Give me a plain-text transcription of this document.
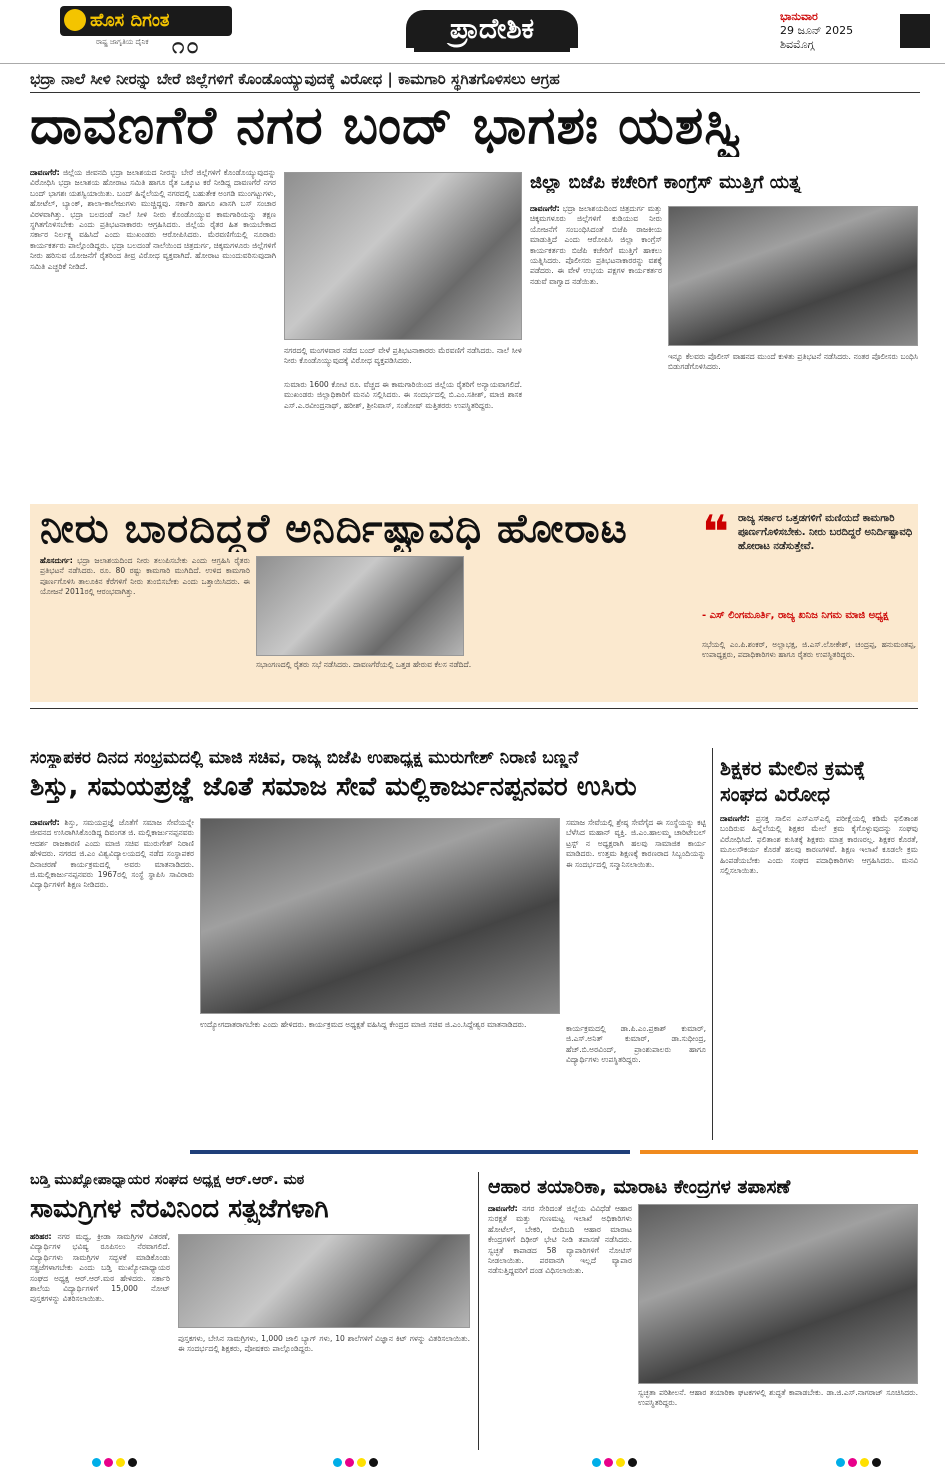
ಹೊಸ ದಿಗಂತ
ರಾಷ್ಟ್ರ ಜಾಗೃತಿಯ ದೈನಿಕ ೧೦
ಪ್ರಾದೇಶಿಕ	ಭಾನುವಾರ
29 ಜೂನ್ 2025
ಶಿವಮೊಗ್ಗ
ಭದ್ರಾ ನಾಲೆ ಸೀಳಿ ನೀರನ್ನು ಬೇರೆ ಜಿಲ್ಲೆಗಳಿಗೆ ಕೊಂಡೊಯ್ಯುವುದಕ್ಕೆ ವಿರೋಧ | ಕಾಮಗಾರಿ ಸ್ಥಗಿತಗೊಳಿಸಲು ಆಗ್ರಹ
ದಾವಣಗೆರೆ ನಗರ ಬಂದ್ ಭಾಗಶಃ ಯಶಸ್ವಿ
ದಾವಣಗೆರೆ: ಜಿಲ್ಲೆಯ ಜೀವನದಿ ಭದ್ರಾ ಜಲಾಶಯದ ನೀರನ್ನು ಬೇರೆ ಜಿಲ್ಲೆಗಳಿಗೆ ಕೊಂಡೊಯ್ಯುವುದನ್ನು ವಿರೋಧಿಸಿ ಭದ್ರಾ ಜಲಾಶಯ ಹೋರಾಟ ಸಮಿತಿ ಹಾಗೂ ರೈತ ಒಕ್ಕೂಟ ಕರೆ ನೀಡಿದ್ದ ದಾವಣಗೆರೆ ನಗರ ಬಂದ್ ಭಾಗಶಃ ಯಶಸ್ವಿಯಾಯಿತು. ಬಂದ್ ಹಿನ್ನೆಲೆಯಲ್ಲಿ ನಗರದಲ್ಲಿ ಬಹುತೇಕ ಅಂಗಡಿ ಮುಂಗಟ್ಟುಗಳು, ಹೋಟೆಲ್, ಬ್ಯಾಂಕ್, ಶಾಲಾ-ಕಾಲೇಜುಗಳು ಮುಚ್ಚಿದ್ದವು. ಸರ್ಕಾರಿ ಹಾಗೂ ಖಾಸಗಿ ಬಸ್ ಸಂಚಾರ ವಿರಳವಾಗಿತ್ತು. ಭದ್ರಾ ಬಲದಂಡೆ ನಾಲೆ ಸೀಳಿ ನೀರು ಕೊಂಡೊಯ್ಯುವ ಕಾಮಗಾರಿಯನ್ನು ತಕ್ಷಣ ಸ್ಥಗಿತಗೊಳಿಸಬೇಕು ಎಂದು ಪ್ರತಿಭಟನಾಕಾರರು ಆಗ್ರಹಿಸಿದರು. ಜಿಲ್ಲೆಯ ರೈತರ ಹಿತ ಕಾಯಬೇಕಾದ ಸರ್ಕಾರ ನಿರ್ಲಕ್ಷ್ಯ ವಹಿಸಿದೆ ಎಂದು ಮುಖಂಡರು ಆರೋಪಿಸಿದರು. ಮೆರವಣಿಗೆಯಲ್ಲಿ ನೂರಾರು ಕಾರ್ಯಕರ್ತರು ಪಾಲ್ಗೊಂಡಿದ್ದರು. ಭದ್ರಾ ಬಲದಂಡೆ ನಾಲೆಯಿಂದ ಚಿತ್ರದುರ್ಗ, ಚಿಕ್ಕಮಗಳೂರು ಜಿಲ್ಲೆಗಳಿಗೆ ನೀರು ಹರಿಸುವ ಯೋಜನೆಗೆ ರೈತರಿಂದ ತೀವ್ರ ವಿರೋಧ ವ್ಯಕ್ತವಾಗಿದೆ. ಹೋರಾಟ ಮುಂದುವರಿಸುವುದಾಗಿ ಸಮಿತಿ ಎಚ್ಚರಿಕೆ ನೀಡಿದೆ.
ನಗರದಲ್ಲಿ ಮಂಗಳವಾರ ನಡೆದ ಬಂದ್ ವೇಳೆ ಪ್ರತಿಭಟನಾಕಾರರು ಮೆರವಣಿಗೆ ನಡೆಸಿದರು. ನಾಲೆ ಸೀಳಿ ನೀರು ಕೊಂಡೊಯ್ಯುವುದಕ್ಕೆ ವಿರೋಧ ವ್ಯಕ್ತಪಡಿಸಿದರು.
ಸುಮಾರು 1600 ಕೋಟಿ ರೂ. ವೆಚ್ಚದ ಈ ಕಾಮಗಾರಿಯಿಂದ ಜಿಲ್ಲೆಯ ರೈತರಿಗೆ ಅನ್ಯಾಯವಾಗಲಿದೆ. ಮುಖಂಡರು ಜಿಲ್ಲಾಧಿಕಾರಿಗೆ ಮನವಿ ಸಲ್ಲಿಸಿದರು. ಈ ಸಂದರ್ಭದಲ್ಲಿ ಬಿ.ಎಂ.ಸತೀಶ್, ಮಾಜಿ ಶಾಸಕ ಎಸ್.ಎ.ರವೀಂದ್ರನಾಥ್, ಹರೀಶ್, ಶ್ರೀನಿವಾಸ್, ಸಂತೋಷ್ ಮತ್ತಿತರರು ಉಪಸ್ಥಿತರಿದ್ದರು.
ಜಿಲ್ಲಾ ಬಿಜೆಪಿ ಕಚೇರಿಗೆ ಕಾಂಗ್ರೆಸ್ ಮುತ್ತಿಗೆ ಯತ್ನ
ದಾವಣಗೆರೆ: ಭದ್ರಾ ಜಲಾಶಯದಿಂದ ಚಿತ್ರದುರ್ಗ ಮತ್ತು ಚಿಕ್ಕಮಗಳೂರು ಜಿಲ್ಲೆಗಳಿಗೆ ಕುಡಿಯುವ ನೀರು ಯೋಜನೆಗೆ ಸಂಬಂಧಿಸಿದಂತೆ ಬಿಜೆಪಿ ರಾಜಕೀಯ ಮಾಡುತ್ತಿದೆ ಎಂದು ಆರೋಪಿಸಿ ಜಿಲ್ಲಾ ಕಾಂಗ್ರೆಸ್ ಕಾರ್ಯಕರ್ತರು ಬಿಜೆಪಿ ಕಚೇರಿಗೆ ಮುತ್ತಿಗೆ ಹಾಕಲು ಯತ್ನಿಸಿದರು. ಪೊಲೀಸರು ಪ್ರತಿಭಟನಾಕಾರರನ್ನು ವಶಕ್ಕೆ ಪಡೆದರು. ಈ ವೇಳೆ ಉಭಯ ಪಕ್ಷಗಳ ಕಾರ್ಯಕರ್ತರ ನಡುವೆ ವಾಗ್ವಾದ ನಡೆಯಿತು.
ಇನ್ನೂ ಕೆಲವರು ಪೊಲೀಸ್ ವಾಹನದ ಮುಂದೆ ಕುಳಿತು ಪ್ರತಿಭಟನೆ ನಡೆಸಿದರು. ನಂತರ ಪೊಲೀಸರು ಬಂಧಿಸಿ ಬಿಡುಗಡೆಗೊಳಿಸಿದರು.
ನೀರು ಬಾರದಿದ್ದರೆ ಅನಿರ್ದಿಷ್ಟಾವಧಿ ಹೋರಾಟ
ಹೊಸದುರ್ಗ: ಭದ್ರಾ ಜಲಾಶಯದಿಂದ ನೀರು ತಲುಪಿಸಬೇಕು ಎಂದು ಆಗ್ರಹಿಸಿ ರೈತರು ಪ್ರತಿಭಟನೆ ನಡೆಸಿದರು. ರೂ. 80 ರಷ್ಟು ಕಾಮಗಾರಿ ಮುಗಿದಿದೆ. ಉಳಿದ ಕಾಮಗಾರಿ ಪೂರ್ಣಗೊಳಿಸಿ ತಾಲೂಕಿನ ಕೆರೆಗಳಿಗೆ ನೀರು ತುಂಬಿಸಬೇಕು ಎಂದು ಒತ್ತಾಯಿಸಿದರು. ಈ ಯೋಜನೆ 2011ರಲ್ಲಿ ಆರಂಭವಾಗಿತ್ತು.
ಸಭಾಂಗಣದಲ್ಲಿ ರೈತರು ಸಭೆ ನಡೆಸಿದರು. ದಾವಣಗೆರೆಯಲ್ಲಿ ಒತ್ತಡ ಹೇರುವ ಕೆಲಸ ನಡೆದಿದೆ.
❝ ರಾಜ್ಯ ಸರ್ಕಾರ ಒತ್ತಡಗಳಿಗೆ ಮಣಿಯದೆ ಕಾಮಗಾರಿ ಪೂರ್ಣಗೊಳಿಸಬೇಕು. ನೀರು ಬರದಿದ್ದರೆ ಅನಿರ್ದಿಷ್ಟಾವಧಿ ಹೋರಾಟ ನಡೆಸುತ್ತೇವೆ.
- ಎಸ್ ಲಿಂಗಮೂರ್ತಿ, ರಾಜ್ಯ ಖನಿಜ ನಿಗಮ ಮಾಜಿ ಅಧ್ಯಕ್ಷ
ಸಭೆಯಲ್ಲಿ ಎಂ.ಪಿ.ಶಂಕರ್, ಅಲ್ಲಾಭಕ್ಷ, ಜಿ.ಎಸ್.ಲೋಕೇಶ್, ಚಂದ್ರಪ್ಪ, ಹನುಮಂತಪ್ಪ, ಉಪಾಧ್ಯಕ್ಷರು, ಪದಾಧಿಕಾರಿಗಳು ಹಾಗೂ ರೈತರು ಉಪಸ್ಥಿತರಿದ್ದರು.
ಸಂಸ್ಥಾಪಕರ ದಿನದ ಸಂಭ್ರಮದಲ್ಲಿ ಮಾಜಿ ಸಚಿವ, ರಾಜ್ಯ ಬಿಜೆಪಿ ಉಪಾಧ್ಯಕ್ಷ ಮುರುಗೇಶ್ ನಿರಾಣಿ ಬಣ್ಣನೆ
ಶಿಸ್ತು, ಸಮಯಪ್ರಜ್ಞೆ ಜೊತೆ ಸಮಾಜ ಸೇವೆ ಮಲ್ಲಿಕಾರ್ಜುನಪ್ಪನವರ ಉಸಿರು
ದಾವಣಗೆರೆ: ಶಿಸ್ತು, ಸಮಯಪ್ರಜ್ಞೆ ಜೊತೆಗೆ ಸಮಾಜ ಸೇವೆಯನ್ನೇ ಜೀವನದ ಉಸಿರಾಗಿಸಿಕೊಂಡಿದ್ದ ದಿವಂಗತ ಜಿ. ಮಲ್ಲಿಕಾರ್ಜುನಪ್ಪನವರು ಆದರ್ಶ ರಾಜಕಾರಣಿ ಎಂದು ಮಾಜಿ ಸಚಿವ ಮುರುಗೇಶ್ ನಿರಾಣಿ ಹೇಳಿದರು. ನಗರದ ಜಿ.ಎಂ ವಿಶ್ವವಿದ್ಯಾಲಯದಲ್ಲಿ ನಡೆದ ಸಂಸ್ಥಾಪಕರ ದಿನಾಚರಣೆ ಕಾರ್ಯಕ್ರಮದಲ್ಲಿ ಅವರು ಮಾತನಾಡಿದರು. ಜಿ.ಮಲ್ಲಿಕಾರ್ಜುನಪ್ಪನವರು 1967ರಲ್ಲಿ ಸಂಸ್ಥೆ ಸ್ಥಾಪಿಸಿ ಸಾವಿರಾರು ವಿದ್ಯಾರ್ಥಿಗಳಿಗೆ ಶಿಕ್ಷಣ ನೀಡಿದರು.
ಉದ್ಯೋಗದಾತರಾಗಬೇಕು ಎಂದು ಹೇಳಿದರು. ಕಾರ್ಯಕ್ರಮದ ಅಧ್ಯಕ್ಷತೆ ವಹಿಸಿದ್ದ ಕೇಂದ್ರದ ಮಾಜಿ ಸಚಿವ ಜಿ.ಎಂ.ಸಿದ್ದೇಶ್ವರ ಮಾತನಾಡಿದರು.
ಸಮಾಜ ಸೇವೆಯಲ್ಲಿ ಶ್ರೇಷ್ಠ ಸೇವೆಗೈದ ಈ ಸಂಸ್ಥೆಯನ್ನು ಕಟ್ಟಿ ಬೆಳೆಸಿದ ಮಹಾನ್ ವ್ಯಕ್ತಿ. ಜಿ.ಎಂ.ಹಾಲಮ್ಮ ಚಾರಿಟೇಬಲ್ ಟ್ರಸ್ಟ್ ನ ಅಧ್ಯಕ್ಷರಾಗಿ ಹಲವು ಸಾಮಾಜಿಕ ಕಾರ್ಯ ಮಾಡಿದರು. ಉತ್ತಮ ಶಿಕ್ಷಣಕ್ಕೆ ಕಾರಣರಾದ ಸಿಬ್ಬಂದಿಯನ್ನು ಈ ಸಂದರ್ಭದಲ್ಲಿ ಸನ್ಮಾನಿಸಲಾಯಿತು.
ಕಾರ್ಯಕ್ರಮದಲ್ಲಿ ಡಾ.ಪಿ.ಎಂ.ಪ್ರಕಾಶ್ ಕುಮಾರ್, ಜಿ.ಎಸ್.ಅನಿತ್ ಕುಮಾರ್, ಡಾ.ಸುಧೀಂದ್ರ, ಹೆಚ್.ಬಿ.ಅರವಿಂದ್, ಪ್ರಾಂಶುಪಾಲರು ಹಾಗೂ ವಿದ್ಯಾರ್ಥಿಗಳು ಉಪಸ್ಥಿತರಿದ್ದರು.
ಶಿಕ್ಷಕರ ಮೇಲಿನ ಕ್ರಮಕ್ಕೆ
ಸಂಘದ ವಿರೋಧ
ದಾವಣಗೆರೆ: ಪ್ರಸಕ್ತ ಸಾಲಿನ ಎಸ್ಎಸ್ಎಲ್ಸಿ ಪರೀಕ್ಷೆಯಲ್ಲಿ ಕಡಿಮೆ ಫಲಿತಾಂಶ ಬಂದಿರುವ ಹಿನ್ನೆಲೆಯಲ್ಲಿ ಶಿಕ್ಷಕರ ಮೇಲೆ ಕ್ರಮ ಕೈಗೊಳ್ಳುವುದನ್ನು ಸಂಘವು ವಿರೋಧಿಸಿದೆ. ಫಲಿತಾಂಶ ಕುಸಿತಕ್ಕೆ ಶಿಕ್ಷಕರು ಮಾತ್ರ ಕಾರಣರಲ್ಲ. ಶಿಕ್ಷಕರ ಕೊರತೆ, ಮೂಲಸೌಕರ್ಯ ಕೊರತೆ ಹಲವು ಕಾರಣಗಳಿವೆ. ಶಿಕ್ಷಣ ಇಲಾಖೆ ಕೂಡಲೇ ಕ್ರಮ ಹಿಂಪಡೆಯಬೇಕು ಎಂದು ಸಂಘದ ಪದಾಧಿಕಾರಿಗಳು ಆಗ್ರಹಿಸಿದರು. ಮನವಿ ಸಲ್ಲಿಸಲಾಯಿತು.
ಬಡ್ತಿ ಮುಖ್ಯೋಪಾಧ್ಯಾಯರ ಸಂಘದ ಅಧ್ಯಕ್ಷ ಆರ್.ಆರ್. ಮಠ
ಸಾಮಗ್ರಿಗಳ ನೆರವಿನಿಂದ ಸತ್ಪ್ರಜೆಗಳಾಗಿ
ಹರಿಹರ: ನಗರ ಮಧ್ಯ, ಕ್ರೀಡಾ ಸಾಮಗ್ರಿಗಳ ವಿತರಣೆ, ವಿದ್ಯಾರ್ಥಿಗಳ ಭವಿಷ್ಯ ರೂಪಿಸಲು ನೆರವಾಗಲಿದೆ. ವಿದ್ಯಾರ್ಥಿಗಳು ಸಾಮಗ್ರಿಗಳ ಸದ್ಬಳಕೆ ಮಾಡಿಕೊಂಡು ಸತ್ಪ್ರಜೆಗಳಾಗಬೇಕು ಎಂದು ಬಡ್ತಿ ಮುಖ್ಯೋಪಾಧ್ಯಾಯರ ಸಂಘದ ಅಧ್ಯಕ್ಷ ಆರ್.ಆರ್.ಮಠ ಹೇಳಿದರು. ಸರ್ಕಾರಿ ಶಾಲೆಯ ವಿದ್ಯಾರ್ಥಿಗಳಿಗೆ 15,000 ನೋಟ್ ಪುಸ್ತಕಗಳನ್ನು ವಿತರಿಸಲಾಯಿತು.
ಪುಸ್ತಕಗಳು, ಬೇಸಿನ ಸಾಮಗ್ರಿಗಳು, 1,000 ಜಾಲಿ ಬ್ಯಾಗ್ ಗಳು, 10 ಶಾಲೆಗಳಿಗೆ ವಿಜ್ಞಾನ ಕಿಟ್ ಗಳನ್ನು ವಿತರಿಸಲಾಯಿತು. ಈ ಸಂದರ್ಭದಲ್ಲಿ ಶಿಕ್ಷಕರು, ಪೋಷಕರು ಪಾಲ್ಗೊಂಡಿದ್ದರು.
ಆಹಾರ ತಯಾರಿಕಾ, ಮಾರಾಟ ಕೇಂದ್ರಗಳ ತಪಾಸಣೆ
ದಾವಣಗೆರೆ: ನಗರ ಸೇರಿದಂತೆ ಜಿಲ್ಲೆಯ ವಿವಿಧೆಡೆ ಆಹಾರ ಸುರಕ್ಷತೆ ಮತ್ತು ಗುಣಮಟ್ಟ ಇಲಾಖೆ ಅಧಿಕಾರಿಗಳು ಹೋಟೆಲ್, ಬೇಕರಿ, ಬೀದಿಬದಿ ಆಹಾರ ಮಾರಾಟ ಕೇಂದ್ರಗಳಿಗೆ ದಿಢೀರ್ ಭೇಟಿ ನೀಡಿ ತಪಾಸಣೆ ನಡೆಸಿದರು. ಸ್ವಚ್ಛತೆ ಕಾಪಾಡದ 58 ವ್ಯಾಪಾರಿಗಳಿಗೆ ನೋಟಿಸ್ ನೀಡಲಾಯಿತು. ಪರವಾನಗಿ ಇಲ್ಲದೆ ವ್ಯಾಪಾರ ನಡೆಸುತ್ತಿದ್ದವರಿಗೆ ದಂಡ ವಿಧಿಸಲಾಯಿತು.
ಸ್ವಚ್ಛತಾ ಪರಿಶೀಲನೆ. ಆಹಾರ ತಯಾರಿಕಾ ಘಟಕಗಳಲ್ಲಿ ಶುದ್ಧತೆ ಕಾಪಾಡಬೇಕು. ಡಾ.ಜಿ.ಎಸ್.ನಾಗರಾಜ್ ಸೂಚಿಸಿದರು. ಉಪಸ್ಥಿತರಿದ್ದರು.
